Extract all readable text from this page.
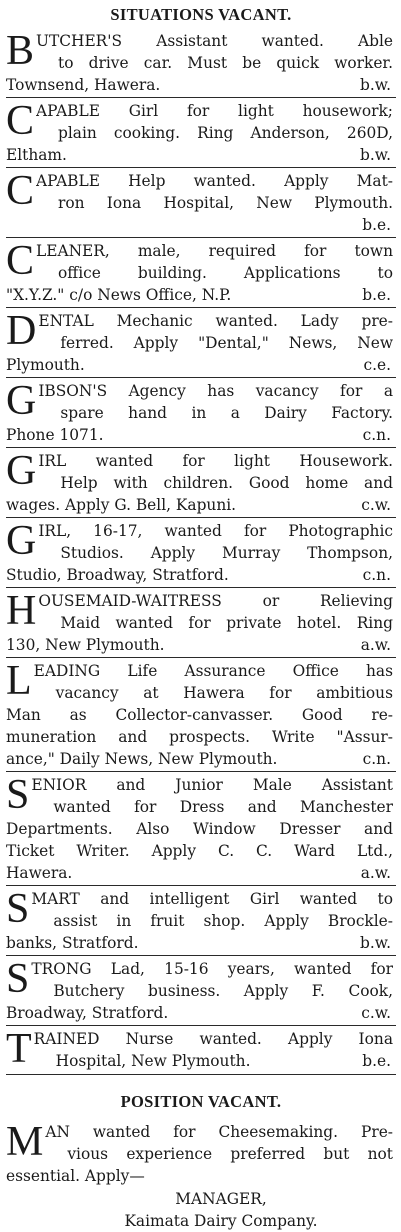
SITUATIONS VACANT.
B UTCHER'S Assistant wanted. Able
to drive car. Must be quick worker.
Townsend, Hawera.	b.w.
C APABLE Girl for light housework;
plain cooking. Ring Anderson, 260D,
Eltham.	b.w.
C APABLE Help wanted. Apply Mat-
ron Iona Hospital, New Plymouth.
b.e.
C LEANER, male, required for town
office building. Applications to
"X.Y.Z." c/o News Office, N.P.	b.e.
D ENTAL Mechanic wanted. Lady pre-
ferred. Apply "Dental," News, New
Plymouth.	c.e.
G IBSON'S Agency has vacancy for a
spare hand in a Dairy Factory.
Phone 1071.	c.n.
G IRL wanted for light Housework.
Help with children. Good home and
wages. Apply G. Bell, Kapuni.	c.w.
G IRL, 16-17, wanted for Photographic
Studios. Apply Murray Thompson,
Studio, Broadway, Stratford.	c.n.
H OUSEMAID-WAITRESS or Relieving
Maid wanted for private hotel. Ring
130, New Plymouth.	a.w.
L EADING Life Assurance Office has
vacancy at Hawera for ambitious
Man as Collector-canvasser. Good re-
muneration and prospects. Write "Assur-
ance," Daily News, New Plymouth.	c.n.
S ENIOR and Junior Male Assistant
wanted for Dress and Manchester
Departments. Also Window Dresser and
Ticket Writer. Apply C. C. Ward Ltd.,
Hawera.	a.w.
S MART and intelligent Girl wanted to
assist in fruit shop. Apply Brockle-
banks, Stratford.	b.w.
S TRONG Lad, 15-16 years, wanted for
Butchery business. Apply F. Cook,
Broadway, Stratford.	c.w.
T RAINED Nurse wanted. Apply Iona
Hospital, New Plymouth.	b.e.
POSITION VACANT.
M AN wanted for Cheesemaking. Pre-
vious experience preferred but not
essential. Apply—
MANAGER,
Kaimata Dairy Company.
